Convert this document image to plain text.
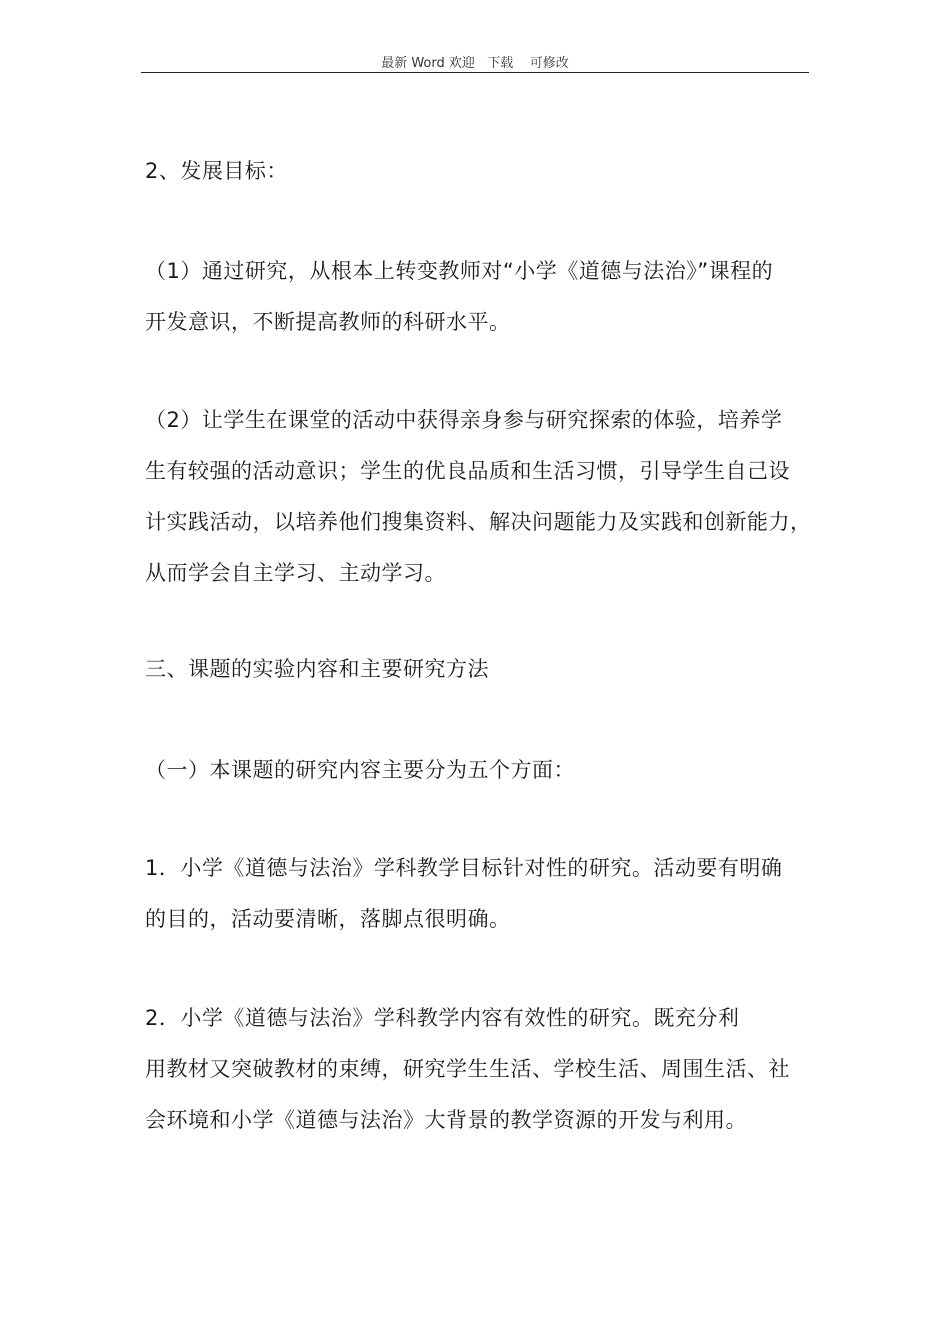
最新 Word 欢迎   下载    可修改
2、发展目标：
（1）通过研究，从根本上转变教师对“小学《道德与法治》”课程的
开发意识，不断提高教师的科研水平。
（2）让学生在课堂的活动中获得亲身参与研究探索的体验，培养学
生有较强的活动意识；学生的优良品质和生活习惯，引导学生自己设
计实践活动，以培养他们搜集资料、解决问题能力及实践和创新能力，
从而学会自主学习、主动学习。
三、课题的实验内容和主要研究方法
（一）本课题的研究内容主要分为五个方面：
1．小学《道德与法治》学科教学目标针对性的研究。活动要有明确
的目的，活动要清晰，落脚点很明确。
2．小学《道德与法治》学科教学内容有效性的研究。既充分利
用教材又突破教材的束缚，研究学生生活、学校生活、周围生活、社
会环境和小学《道德与法治》大背景的教学资源的开发与利用。
